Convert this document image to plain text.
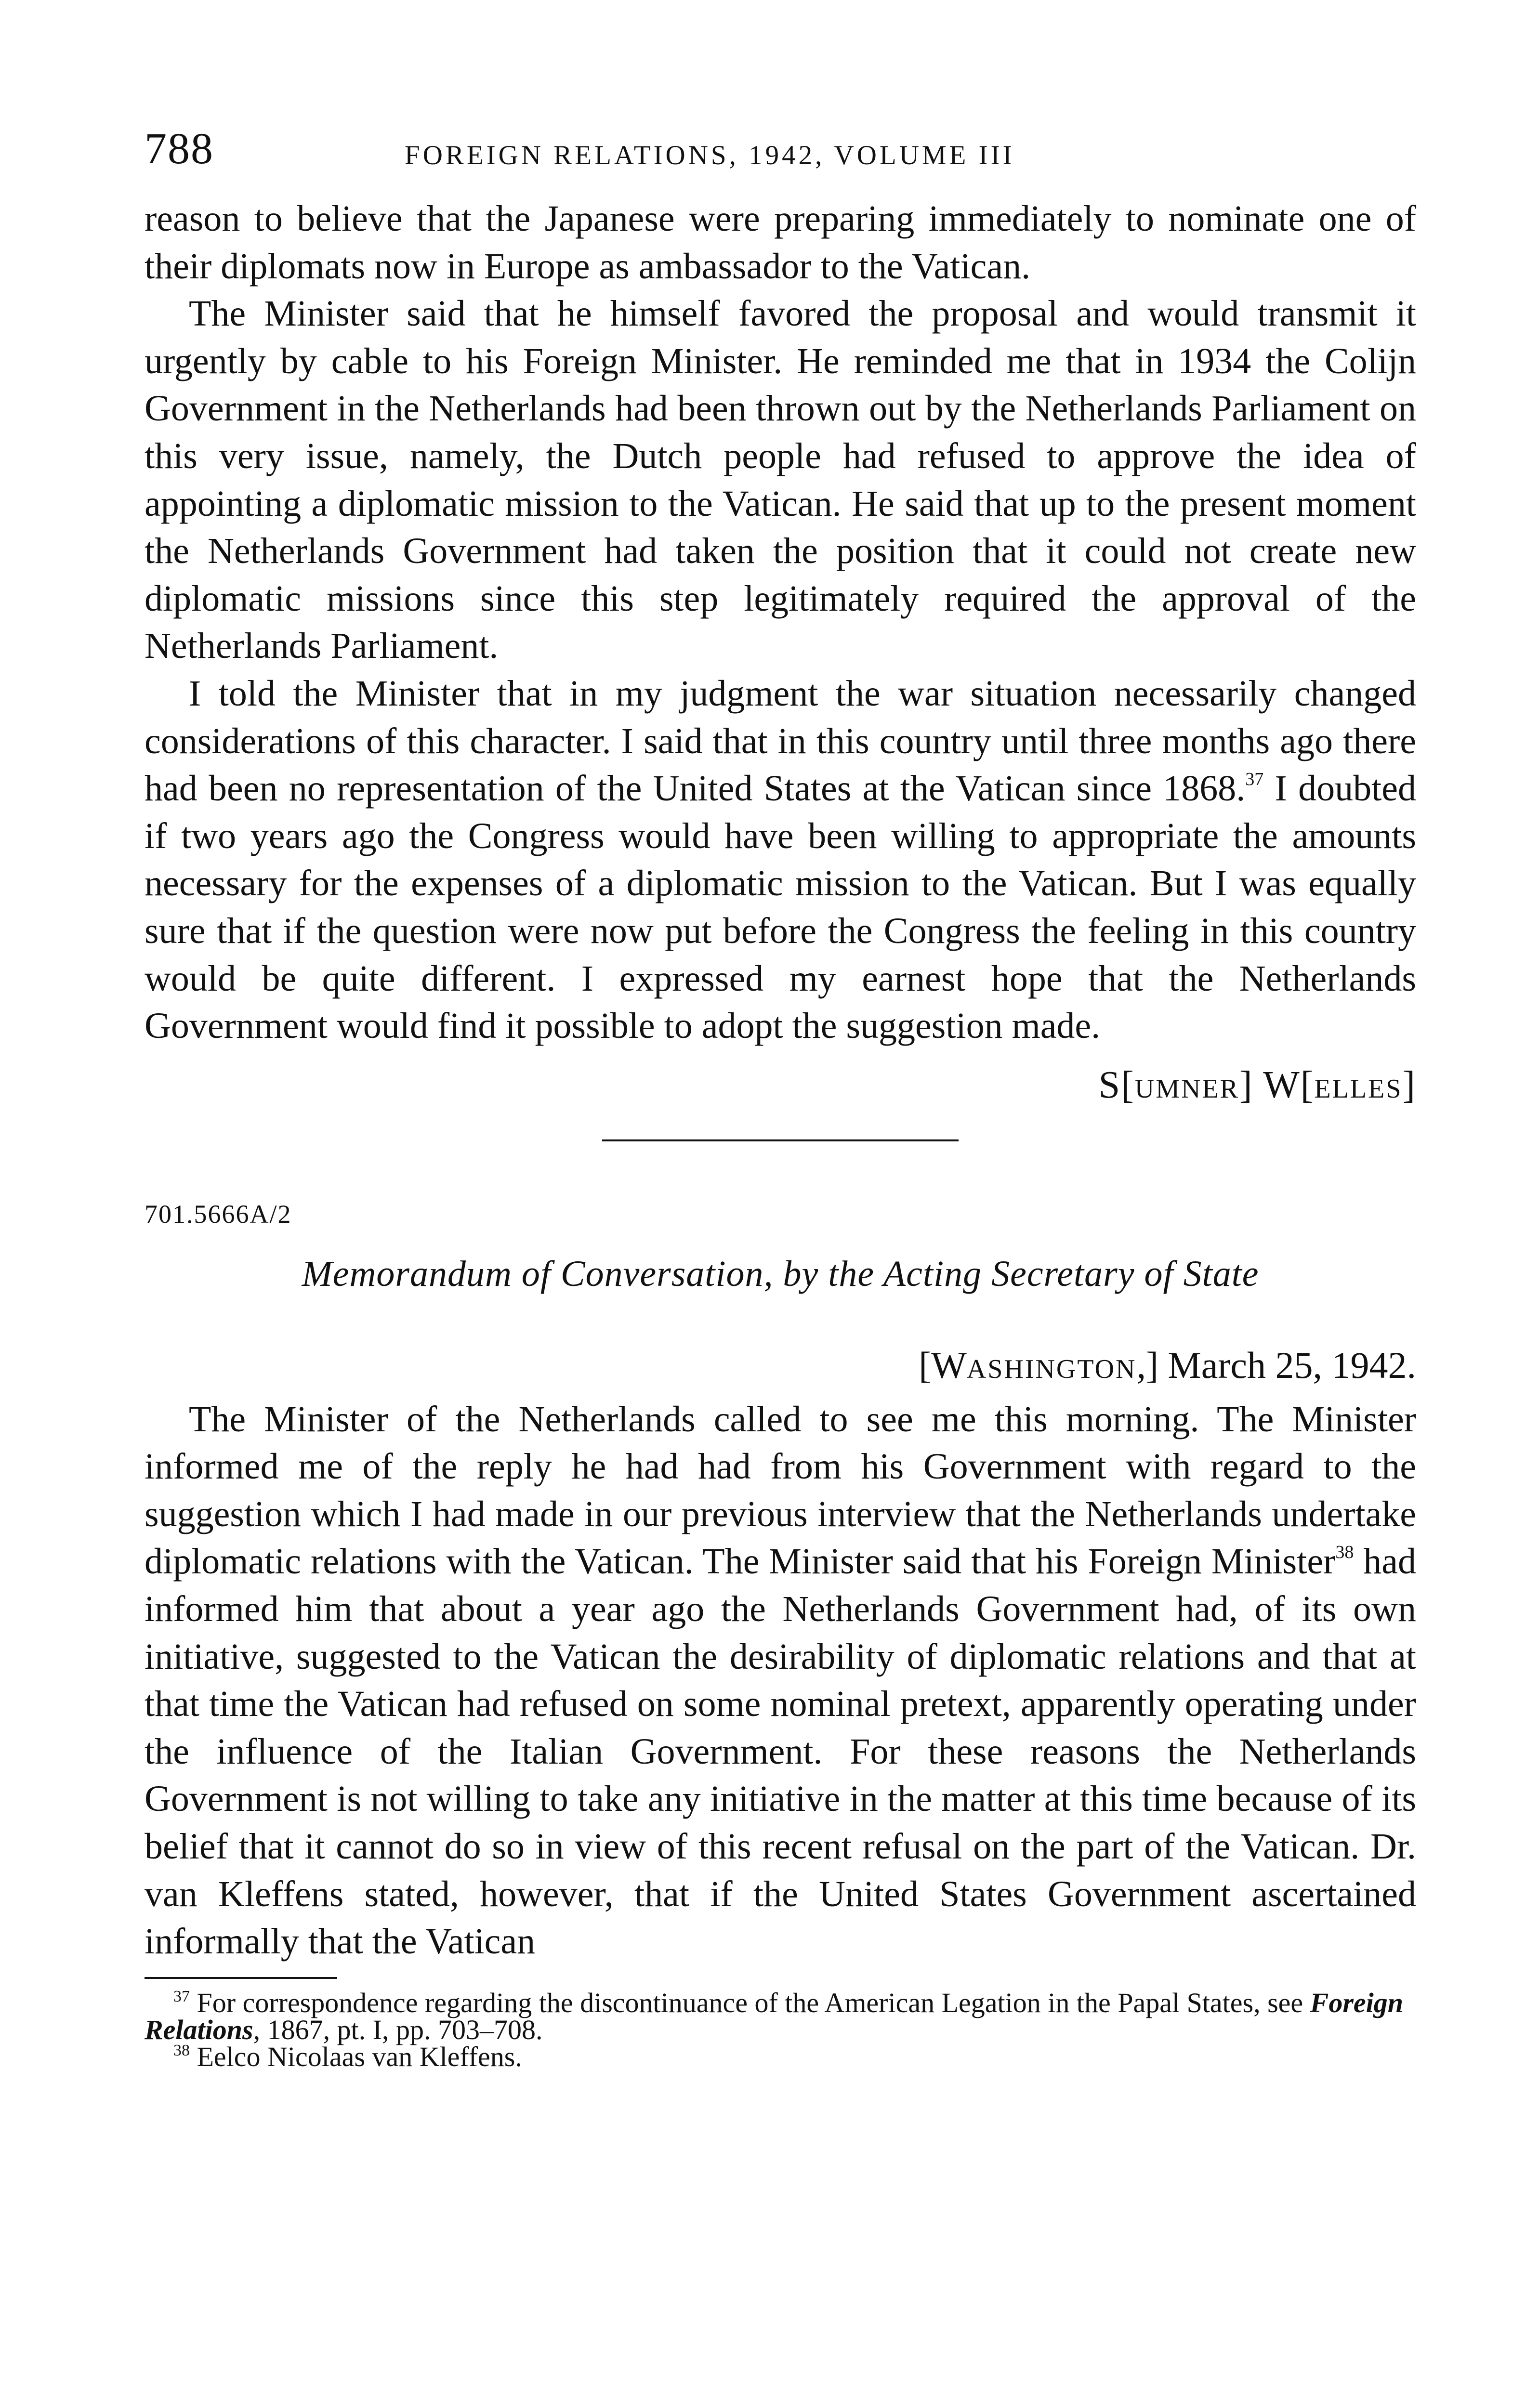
788	FOREIGN RELATIONS, 1942, VOLUME III

reason to believe that the Japanese were preparing immediately to nominate one of their diplomats now in Europe as ambassador to the Vatican.

The Minister said that he himself favored the proposal and would transmit it urgently by cable to his Foreign Minister. He reminded me that in 1934 the Colijn Government in the Netherlands had been thrown out by the Netherlands Parliament on this very issue, namely, the Dutch people had refused to approve the idea of appointing a diplomatic mission to the Vatican. He said that up to the present moment the Netherlands Government had taken the position that it could not create new diplomatic missions since this step legitimately required the approval of the Netherlands Parliament.

I told the Minister that in my judgment the war situation necessarily changed considerations of this character. I said that in this country until three months ago there had been no representation of the United States at the Vatican since 1868.37 I doubted if two years ago the Congress would have been willing to appropriate the amounts necessary for the expenses of a diplomatic mission to the Vatican. But I was equally sure that if the question were now put before the Congress the feeling in this country would be quite different. I expressed my earnest hope that the Netherlands Government would find it possible to adopt the suggestion made.

S[UMNER] W[ELLES]

701.5666A/2

Memorandum of Conversation, by the Acting Secretary of State

[WASHINGTON,] March 25, 1942.

The Minister of the Netherlands called to see me this morning. The Minister informed me of the reply he had had from his Government with regard to the suggestion which I had made in our previous interview that the Netherlands undertake diplomatic relations with the Vatican. The Minister said that his Foreign Minister$^{38}$ had informed him that about a year ago the Netherlands Government had, of its own initiative, suggested to the Vatican the desirability of diplomatic relations and that at that time the Vatican had refused on some nominal pretext, apparently operating under the influence of the Italian Government. For these reasons the Netherlands Government is not willing to take any initiative in the matter at this time because of its belief that it cannot do so in view of this recent refusal on the part of the Vatican. Dr. van Kleffens stated, however, that if the United States Government ascertained informally that the Vatican

$^{37}$ For correspondence regarding the discontinuance of the American Legation in the Papal States, see Foreign Relations, 1867, pt. I, pp. 703–708.

$^{38}$ Eelco Nicolaas van Kleffens.
